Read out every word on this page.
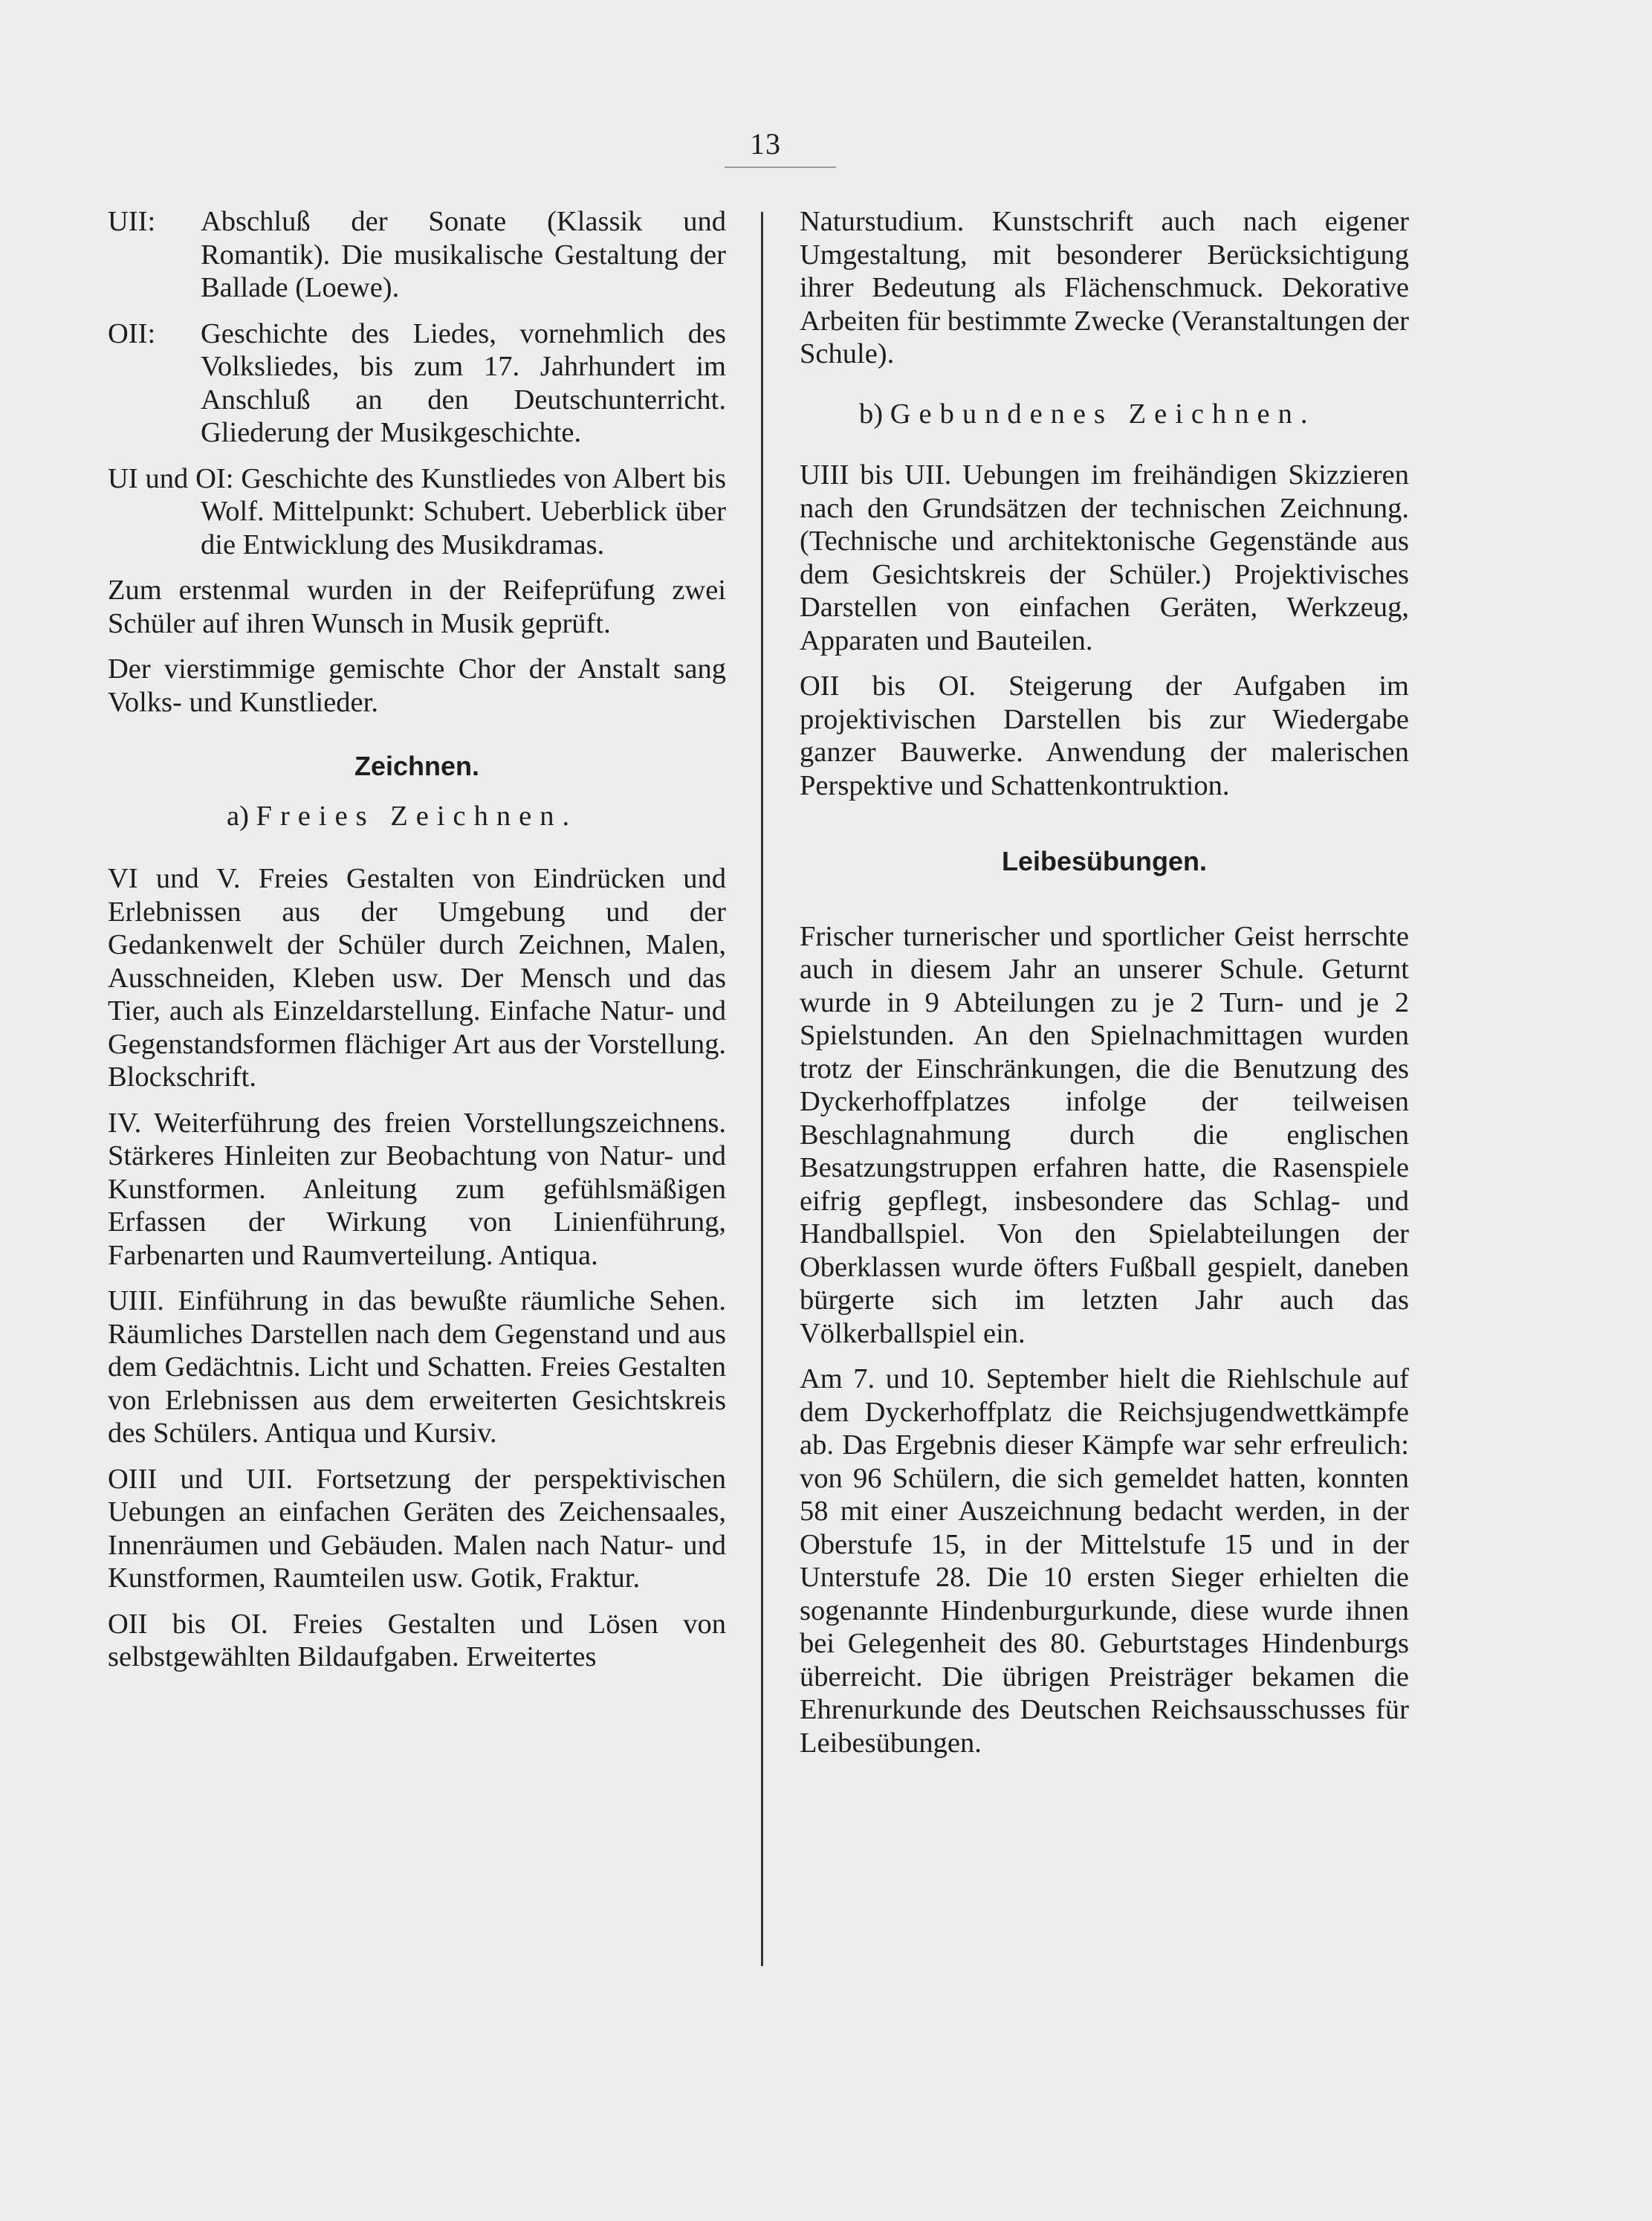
13
UII:	Abschluß der Sonate (Klassik und Romantik). Die musikalische Gestaltung der Ballade (Loewe).
OII:	Geschichte des Liedes, vornehmlich des Volksliedes, bis zum 17. Jahrhundert im Anschluß an den Deutschunterricht. Gliederung der Musikgeschichte.

UI und OI: Geschichte des Kunstliedes von Albert bis Wolf. Mittelpunkt: Schubert. Ueberblick über die Entwicklung des Musikdramas.

Zum erstenmal wurden in der Reifeprüfung zwei Schüler auf ihren Wunsch in Musik geprüft.

Der vierstimmige gemischte Chor der Anstalt sang Volks- und Kunstlieder.

Zeichnen.
a) Freies Zeichnen.

VI und V. Freies Gestalten von Eindrücken und Erlebnissen aus der Umgebung und der Gedankenwelt der Schüler durch Zeichnen, Malen, Ausschneiden, Kleben usw. Der Mensch und das Tier, auch als Einzeldarstellung. Einfache Natur- und Gegenstandsformen flächiger Art aus der Vorstellung. Blockschrift.

IV. Weiterführung des freien Vorstellungszeichnens. Stärkeres Hinleiten zur Beobachtung von Natur- und Kunstformen. Anleitung zum gefühlsmäßigen Erfassen der Wirkung von Linienführung, Farbenarten und Raumverteilung. Antiqua.

UIII. Einführung in das bewußte räumliche Sehen. Räumliches Darstellen nach dem Gegenstand und aus dem Gedächtnis. Licht und Schatten. Freies Gestalten von Erlebnissen aus dem erweiterten Gesichtskreis des Schülers. Antiqua und Kursiv.

OIII und UII. Fortsetzung der perspektivischen Uebungen an einfachen Geräten des Zeichensaales, Innenräumen und Gebäuden. Malen nach Natur- und Kunstformen, Raumteilen usw. Gotik, Fraktur.

OII bis OI. Freies Gestalten und Lösen von selbstgewählten Bildaufgaben. Erweitertes

Naturstudium. Kunstschrift auch nach eigener Umgestaltung, mit besonderer Berücksichtigung ihrer Bedeutung als Flächenschmuck. Dekorative Arbeiten für bestimmte Zwecke (Veranstaltungen der Schule).

b) Gebundenes Zeichnen.

UIII bis UII. Uebungen im freihändigen Skizzieren nach den Grundsätzen der technischen Zeichnung. (Technische und architektonische Gegenstände aus dem Gesichtskreis der Schüler.) Projektivisches Darstellen von einfachen Geräten, Werkzeug, Apparaten und Bauteilen.

OII bis OI. Steigerung der Aufgaben im projektivischen Darstellen bis zur Wiedergabe ganzer Bauwerke. Anwendung der malerischen Perspektive und Schattenkontruktion.

Leibesübungen.

Frischer turnerischer und sportlicher Geist herrschte auch in diesem Jahr an unserer Schule. Geturnt wurde in 9 Abteilungen zu je 2 Turn- und je 2 Spielstunden. An den Spielnachmittagen wurden trotz der Einschränkungen, die die Benutzung des Dyckerhoffplatzes infolge der teilweisen Beschlagnahmung durch die englischen Besatzungstruppen erfahren hatte, die Rasenspiele eifrig gepflegt, insbesondere das Schlag- und Handballspiel. Von den Spielabteilungen der Oberklassen wurde öfters Fußball gespielt, daneben bürgerte sich im letzten Jahr auch das Völkerballspiel ein.

Am 7. und 10. September hielt die Riehlschule auf dem Dyckerhoffplatz die Reichsjugendwettkämpfe ab. Das Ergebnis dieser Kämpfe war sehr erfreulich: von 96 Schülern, die sich gemeldet hatten, konnten 58 mit einer Auszeichnung bedacht werden, in der Oberstufe 15, in der Mittelstufe 15 und in der Unterstufe 28. Die 10 ersten Sieger erhielten die sogenannte Hindenburgurkunde, diese wurde ihnen bei Gelegenheit des 80. Geburtstages Hindenburgs überreicht. Die übrigen Preisträger bekamen die Ehrenurkunde des Deutschen Reichsausschusses für Leibesübungen.
